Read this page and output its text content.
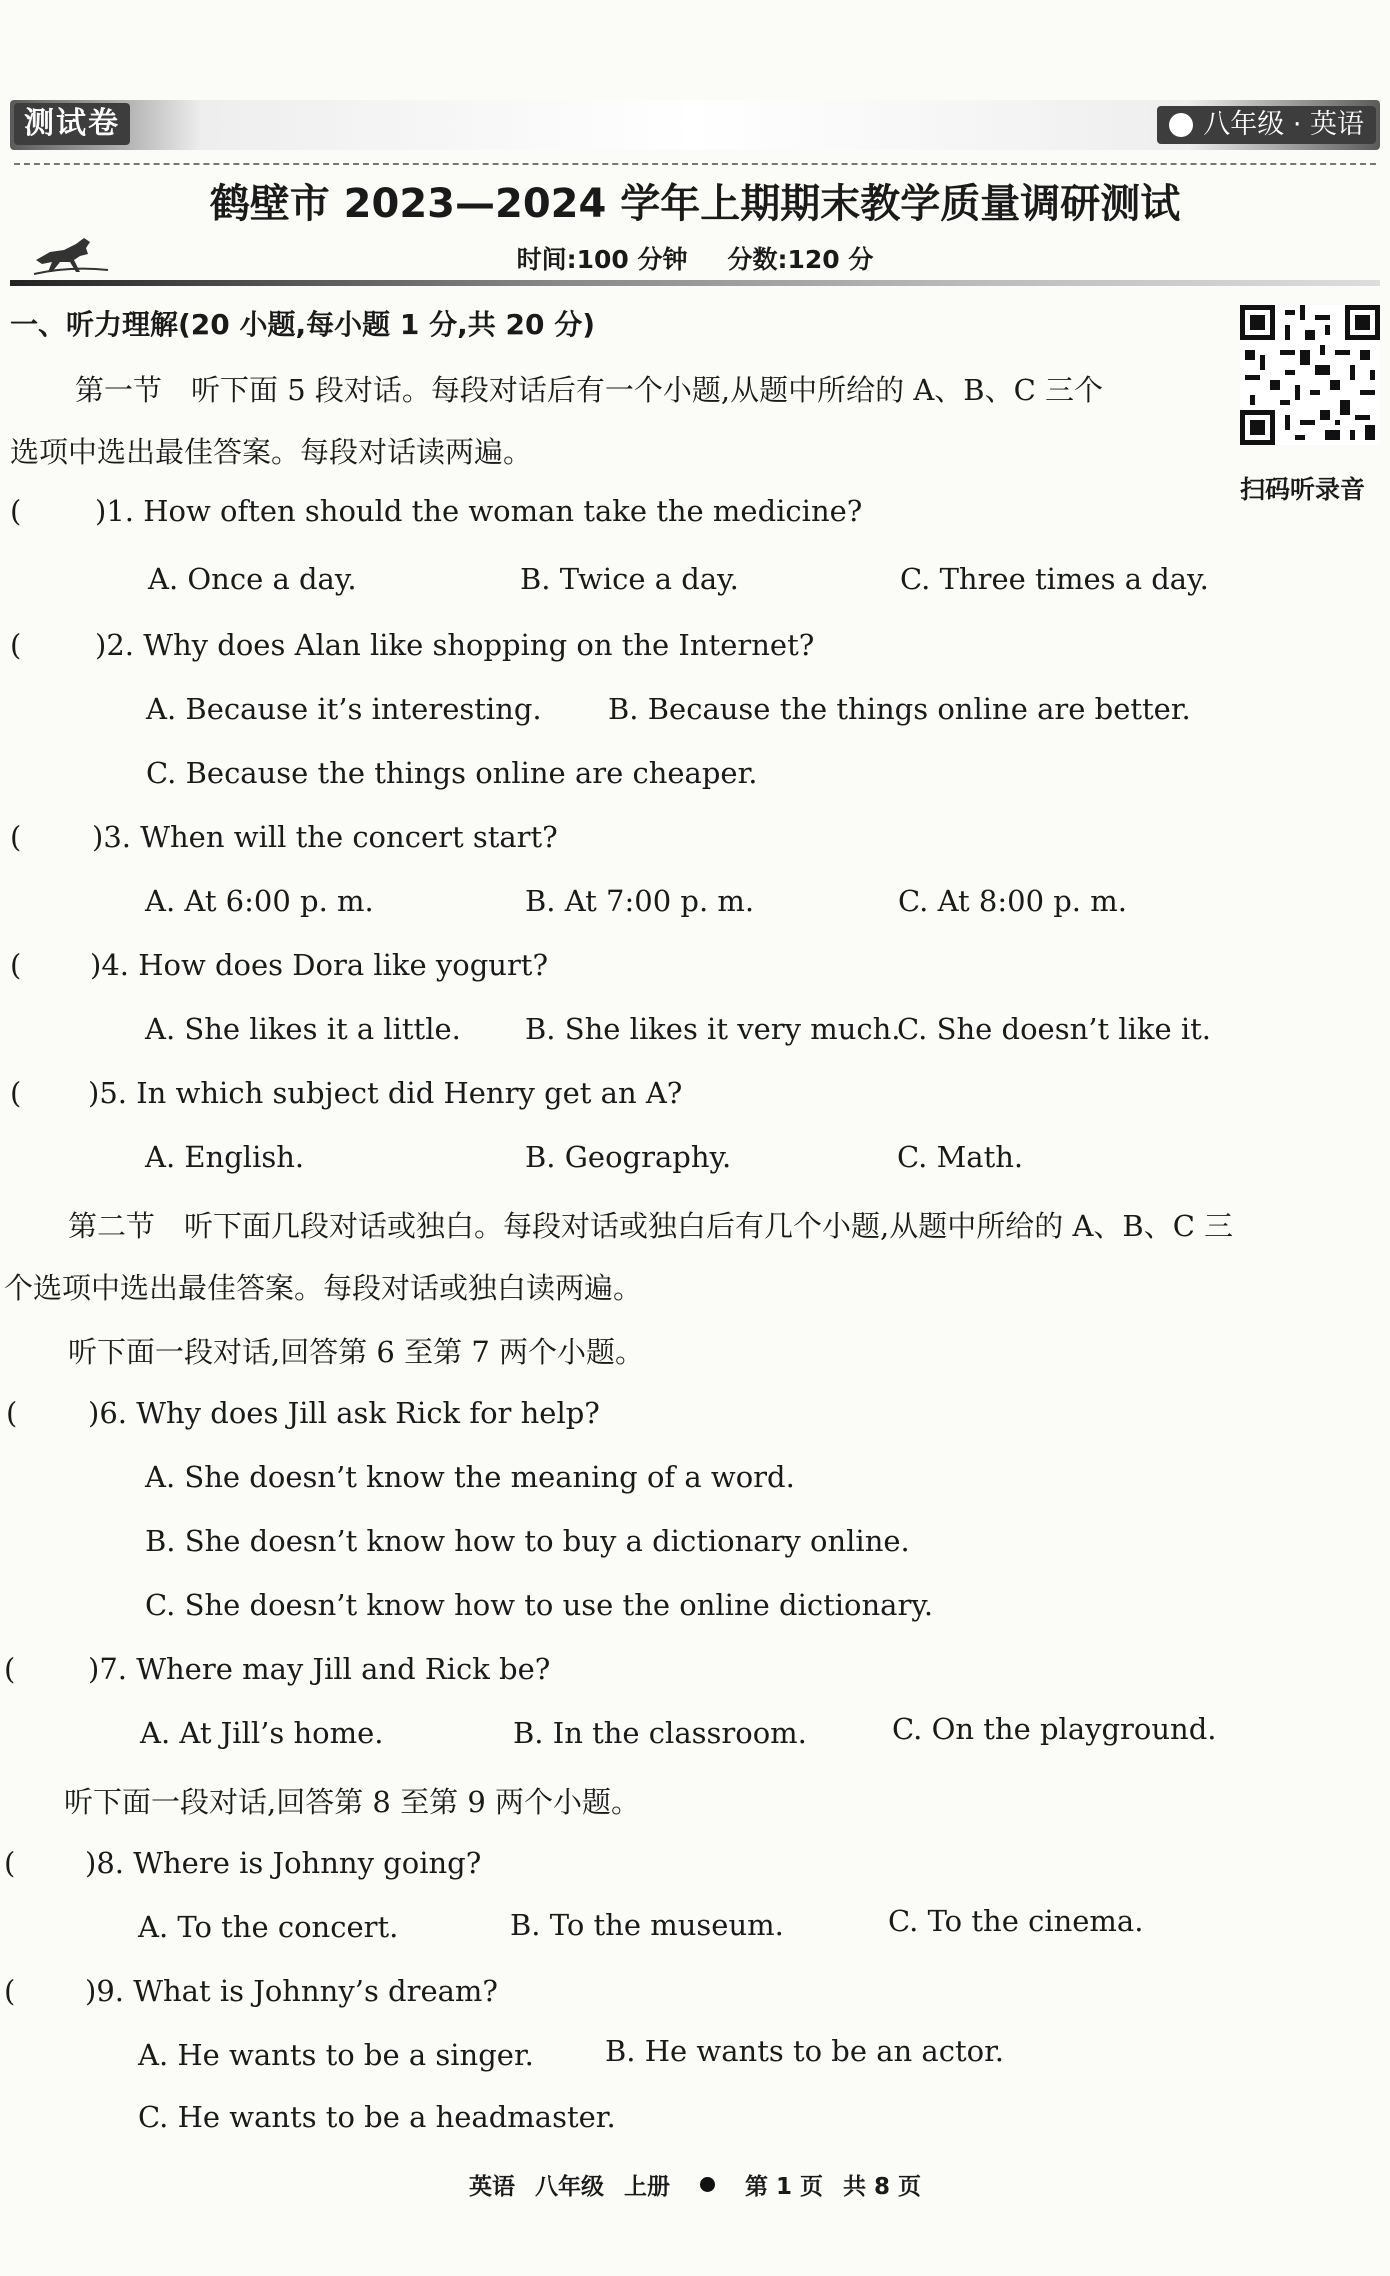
测试卷	八年级 · 英语
鹤壁市 2023—2024 学年上期期末教学质量调研测试
时间:100 分钟 分数:120 分
扫码听录音
一、听力理解(20 小题,每小题 1 分,共 20 分)
第一节　听下面 5 段对话。每段对话后有一个小题,从题中所给的 A、B、C 三个
选项中选出最佳答案。每段对话读两遍。
(	)1. How often should the woman take the medicine?
A. Once a day.	B. Twice a day.	C. Three times a day.
(	)2. Why does Alan like shopping on the Internet?
A. Because it’s interesting. B. Because the things online are better.
C. Because the things online are cheaper.
( )3. When will the concert start?
A. At 6:00 p. m.	B. At 7:00 p. m.	C. At 8:00 p. m.
( )4. How does Dora like yogurt?
A. She likes it a little. B. She likes it very much.
C. She doesn’t like it.
( )5. In which subject did Henry get an A?
A. English.	B. Geography.	C. Math.
第二节　听下面几段对话或独白。每段对话或独白后有几个小题,从题中所给的 A、B、C 三
个选项中选出最佳答案。每段对话或独白读两遍。
听下面一段对话,回答第 6 至第 7 两个小题。
( )6. Why does Jill ask Rick for help?
A. She doesn’t know the meaning of a word.
B. She doesn’t know how to buy a dictionary online.
C. She doesn’t know how to use the online dictionary.
(	)7. Where may Jill and Rick be?
A. At Jill’s home.	B. In the classroom.	C. On the playground.
听下面一段对话,回答第 8 至第 9 两个小题。
( )8. Where is Johnny going?
A. To the concert.	B. To the museum.	C. To the cinema.
( )9. What is Johnny’s dream?
A. He wants to be a singer. B. He wants to be an actor.
C. He wants to be a headmaster.
英语 八年级 上册	第 1 页 共 8 页
